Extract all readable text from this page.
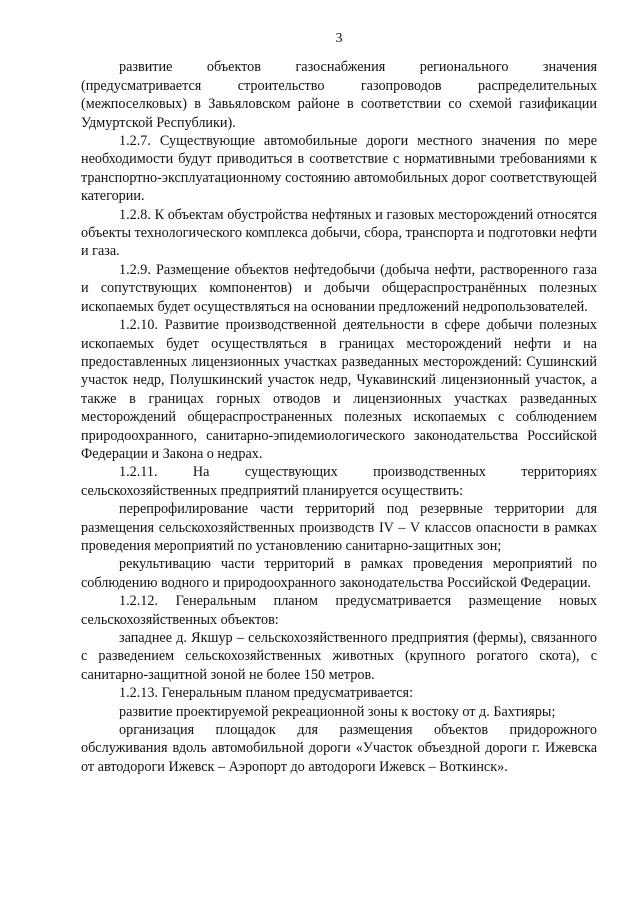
3

развитие объектов газоснабжения регионального значения (предусматривается строительство газопроводов распределительных (межпоселковых) в Завьяловском районе в соответствии со схемой газификации Удмуртской Республики).

1.2.7. Существующие автомобильные дороги местного значения по мере необходимости будут приводиться в соответствие с нормативными требованиями к транспортно-эксплуатационному состоянию автомобильных дорог соответствующей категории.

1.2.8. К объектам обустройства нефтяных и газовых месторождений относятся объекты технологического комплекса добычи, сбора, транспорта и подготовки нефти и газа.

1.2.9. Размещение объектов нефтедобычи (добыча нефти, растворенного газа и сопутствующих компонентов) и добычи общераспространённых полезных ископаемых будет осуществляться на основании предложений недропользователей.

1.2.10. Развитие производственной деятельности в сфере добычи полезных ископаемых будет осуществляться в границах месторождений нефти и на предоставленных лицензионных участках разведанных месторождений: Сушинский участок недр, Полушкинский участок недр, Чукавинский лицензионный участок, а также в границах горных отводов и лицензионных участках разведанных месторождений общераспространенных полезных ископаемых с соблюдением природоохранного, санитарно-эпидемиологического законодательства Российской Федерации и Закона о недрах.

1.2.11. На существующих производственных территориях сельскохозяйственных предприятий планируется осуществить:

перепрофилирование части территорий под резервные территории для размещения сельскохозяйственных производств IV – V классов опасности в рамках проведения мероприятий по установлению санитарно-защитных зон;

рекультивацию части территорий в рамках проведения мероприятий по соблюдению водного и природоохранного законодательства Российской Федерации.

1.2.12. Генеральным планом предусматривается размещение новых сельскохозяйственных объектов:

западнее д. Якшур – сельскохозяйственного предприятия (фермы), связанного с разведением сельскохозяйственных животных (крупного рогатого скота), с санитарно-защитной зоной не более 150 метров.

1.2.13. Генеральным планом предусматривается:

развитие проектируемой рекреационной зоны к востоку от д. Бахтияры;

организация площадок для размещения объектов придорожного обслуживания вдоль автомобильной дороги «Участок объездной дороги г. Ижевска от автодороги Ижевск – Аэропорт до автодороги Ижевск – Воткинск».
